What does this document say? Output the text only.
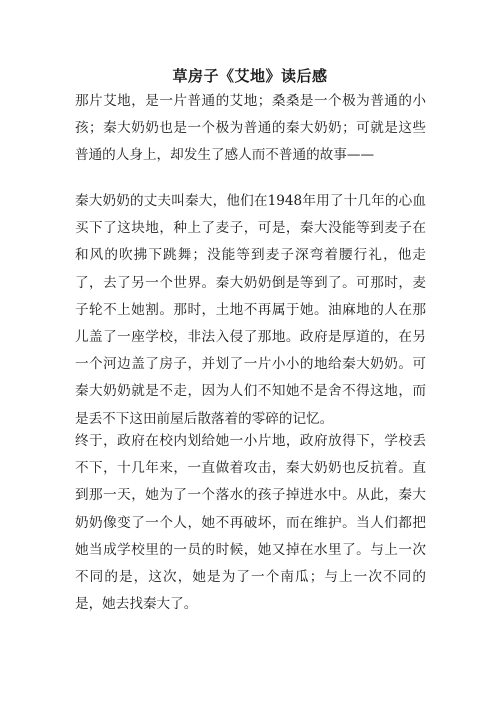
草房子《艾地》读后感
那片艾地，是一片普通的艾地；桑桑是一个极为普通的小孩；秦大奶奶也是一个极为普通的秦大奶奶；可就是这些普通的人身上，却发生了感人而不普通的故事——
秦大奶奶的丈夫叫秦大，他们在1948年用了十几年的心血买下了这块地，种上了麦子，可是，秦大没能等到麦子在和风的吹拂下跳舞；没能等到麦子深弯着腰行礼，他走了，去了另一个世界。秦大奶奶倒是等到了。可那时，麦子轮不上她割。那时，土地不再属于她。油麻地的人在那儿盖了一座学校，非法入侵了那地。政府是厚道的，在另一个河边盖了房子，并划了一片小小的地给秦大奶奶。可秦大奶奶就是不走，因为人们不知她不是舍不得这地，而是丢不下这田前屋后散落着的零碎的记忆。
终于，政府在校内划给她一小片地，政府放得下，学校丢不下，十几年来，一直做着攻击，秦大奶奶也反抗着。直到那一天，她为了一个落水的孩子掉进水中。从此，秦大奶奶像变了一个人，她不再破坏，而在维护。当人们都把她当成学校里的一员的时候，她又掉在水里了。与上一次不同的是，这次，她是为了一个南瓜；与上一次不同的是，她去找秦大了。
